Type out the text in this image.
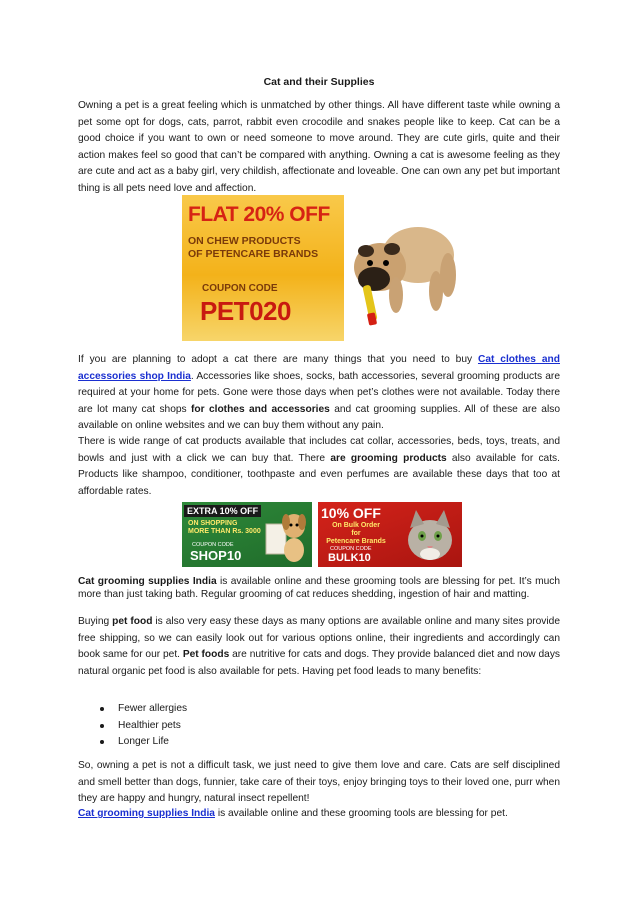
Cat and their Supplies

Owning a pet is a great feeling which is unmatched by other things. All have different taste while owning a pet some opt for dogs, cats, parrot, rabbit even crocodile and snakes people like to keep. Cat can be a good choice if you want to own or need someone to move around. They are cute girls, quite and their action makes feel so good that can’t be compared with anything. Owning a cat is awesome feeling as they are cute and act as a baby girl, very childish, affectionate and loveable. One can own any pet but important thing is all pets need love and affection.

FLAT 20% OFF
ON CHEW PRODUCTS
OF PETENCARE BRANDS
COUPON CODE
PET020

If you are planning to adopt a cat there are many things that you need to buy Cat clothes and accessories shop India. Accessories like shoes, socks, bath accessories, several grooming products are required at your home for pets. Gone were those days when pet’s clothes were not available. Today there are lot many cat shops for clothes and accessories and cat grooming supplies. All of these are also available on online websites and we can buy them without any pain.

There is wide range of cat products available that includes cat collar, accessories, beds, toys, treats, and bowls and just with a click we can buy that. There are grooming products also available for cats. Products like shampoo, conditioner, toothpaste and even perfumes are available these days that too at affordable rates.

EXTRA 10% OFF
ON SHOPPING
MORE THAN Rs. 3000
COUPON CODE
SHOP10
10% OFF
On Bulk Order
for
Petencare Brands
COUPON CODE
BULK10

Cat grooming supplies India is available online and these grooming tools are blessing for pet. It’s much more than just taking bath. Regular grooming of cat reduces shedding, ingestion of hair and matting.

Buying pet food is also very easy these days as many options are available online and many sites provide free shipping, so we can easily look out for various options online, their ingredients and accordingly can book same for our pet. Pet foods are nutritive for cats and dogs. They provide balanced diet and now days natural organic pet food is also available for pets. Having pet food leads to many benefits:

Fewer allergies
Healthier pets
Longer Life

So, owning a pet is not a difficult task, we just need to give them love and care. Cats are self disciplined and smell better than dogs, funnier, take care of their toys, enjoy bringing toys to their loved one, purr when they are happy and hungry, natural insect repellent!

Cat grooming supplies India is available online and these grooming tools are blessing for pet.
